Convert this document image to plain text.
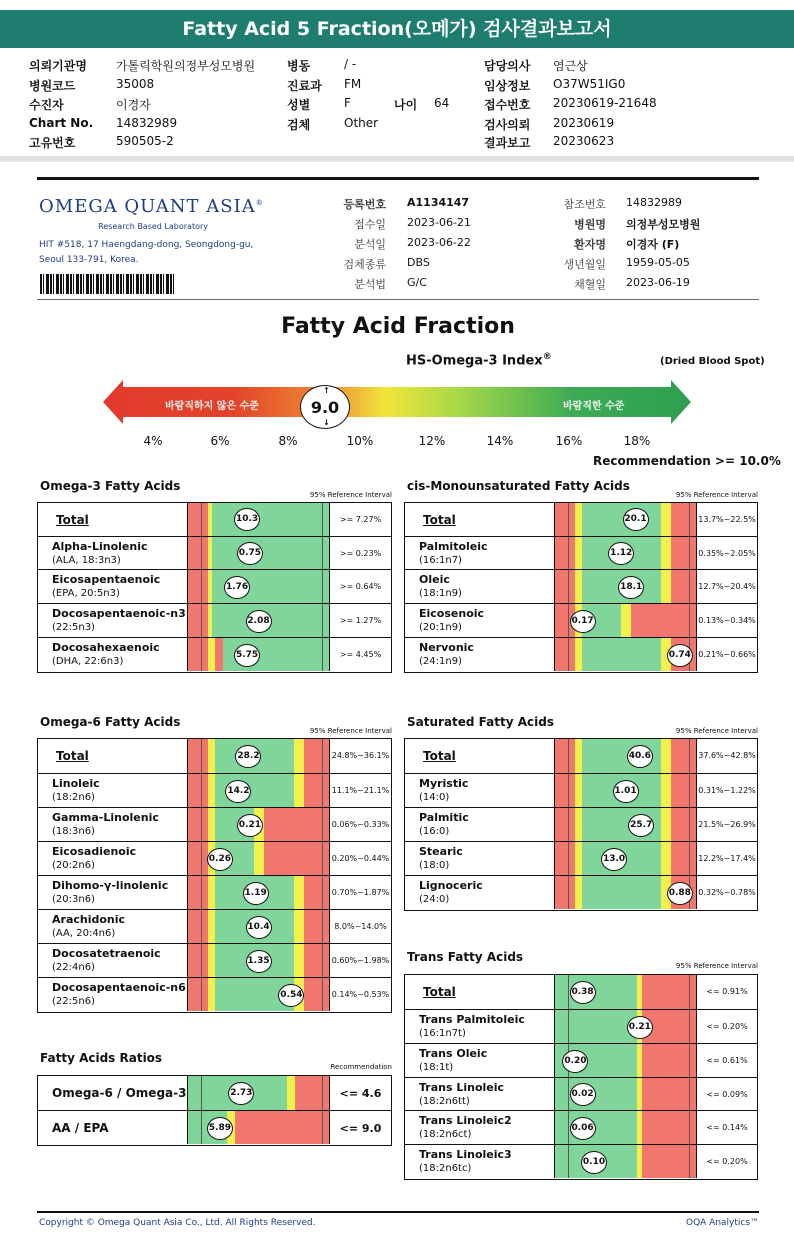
Fatty Acid 5 Fraction(오메가) 검사결과보고서
의뢰기관명 가톨릭학원의정부성모병원
병원코드	35008
수진자	이경자
Chart No. 14832989
고유번호	590505-2
병동	/ -
진료과 FM
성별	F	나이 64
검체	Other
담당의사 염근상
임상정보 O37W51IG0
접수번호 20230619-21648
검사의뢰 20230619
결과보고 20230623
OMEGA QUANT ASIA®
Research Based Laboratory
HIT #518, 17 Haengdang-dong, Seongdong-gu,
Seoul 133-791, Korea.
등록번호 A1134147
접수일 2023-06-21
분석일 2023-06-22
검체종류 DBS
분석법 G/C
참조번호 14832989
병원명 의정부성모병원
환자명 이경자 (F)
생년월일 1959-05-05
채혈일 2023-06-19
Fatty Acid Fraction
HS-Omega-3 Index®	(Dried Blood Spot)
바람직하지 않은 수준	바람직한 수준
↑
9.0
↓
4%	6%	8%	10%	12%	14%	16%	18%
Recommendation >= 10.0%
Omega-3 Fatty Acids
95% Reference Interval
Total	10.3	>= 7.27%
Alpha-Linolenic
(ALA, 18:3n3)
0.75	>= 0.23%
Eicosapentaenoic
(EPA, 20:5n3)
1.76	>= 0.64%
Docosapentaenoic-n3
(22:5n3)
2.08	>= 1.27%
Docosahexaenoic
(DHA, 22:6n3)
5.75	>= 4.45%
Omega-6 Fatty Acids
95% Reference Interval
Total	28.2	24.8%~36.1%
Linoleic
(18:2n6)
14.2	11.1%~21.1%
Gamma-Linolenic
(18:3n6)
0.21	0.06%~0.33%
Eicosadienoic
(20:2n6)
0.26	0.20%~0.44%
Dihomo-γ-linolenic
(20:3n6)
1.19	0.70%~1.87%
Arachidonic
(AA, 20:4n6)
10.4	8.0%~14.0%
Docosatetraenoic
(22:4n6)
1.35	0.60%~1.98%
Docosapentaenoic-n6
(22:5n6)
0.54	0.14%~0.53%
Fatty Acids Ratios
Recommendation
Omega-6 / Omega-3	2.73	<= 4.6
AA / EPA	5.89	<= 9.0
cis-Monounsaturated Fatty Acids
95% Reference Interval
Total	20.1	13.7%~22.5%
Palmitoleic
(16:1n7)
1.12	0.35%~2.05%
Oleic
(18:1n9)
18.1	12.7%~20.4%
Eicosenoic
(20:1n9)
0.17	0.13%~0.34%
Nervonic
(24:1n9)
0.74 0.21%~0.66%
Saturated Fatty Acids
95% Reference Interval
Total	40.6	37.6%~42.8%
Myristic
(14:0)
1.01	0.31%~1.22%
Palmitic
(16:0)
25.7	21.5%~26.9%
Stearic
(18:0)
13.0	12.2%~17.4%
Lignoceric
(24:0)
0.88 0.32%~0.78%
Trans Fatty Acids
95% Reference Interval
Total	0.38	<= 0.91%
Trans Palmitoleic
(16:1n7t)
0.21	<= 0.20%
Trans Oleic
(18:1t)
0.20	<= 0.61%
Trans Linoleic
(18:2n6tt)
0.02	<= 0.09%
Trans Linoleic2
(18:2n6ct)
0.06	<= 0.14%
Trans Linoleic3
(18:2n6tc)
0.10	<= 0.20%
Copyright © Omega Quant Asia Co., Ltd. All Rights Reserved.	OQA Analytics™
